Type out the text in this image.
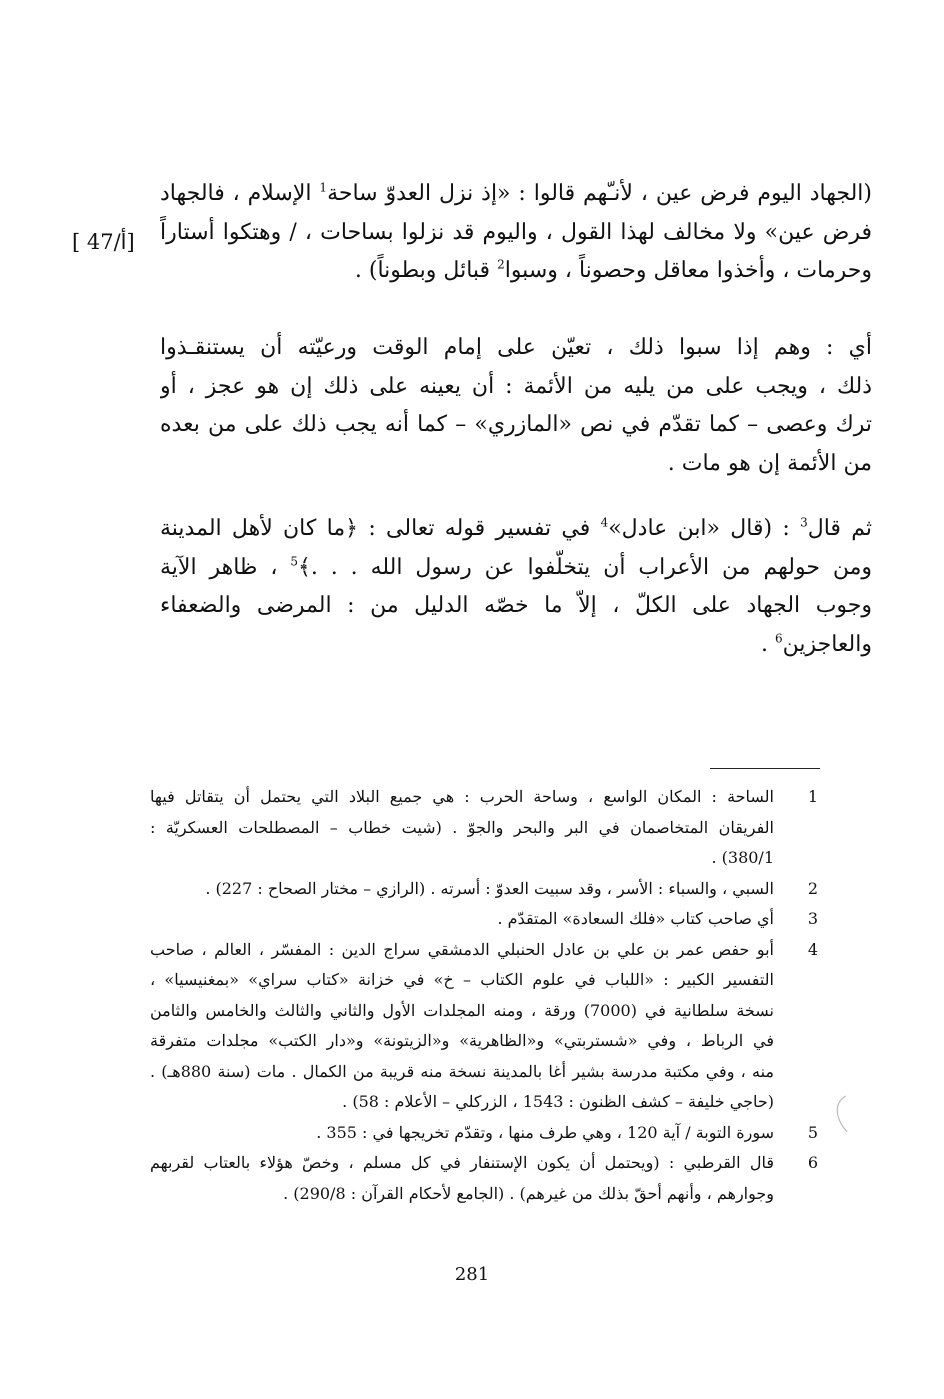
(الجهاد اليوم فرض عين ، لأنـّهم قالوا : «إذ نزل العدوّ ساحة$^1$ الإسلام ، فالجهاد
فرض عين» ولا مخالف لهذا القول ، واليوم قد نزلوا بساحات ، / وهتكوا أستاراً
وحرمات ، وأخذوا معاقل وحصوناً ، وسبوا$^2$ قبائل وبطوناً) .
[ 47/أ]
أي : وهم إذا سبوا ذلك ، تعيّن على إمام الوقت ورعيّته أن يستنقـذوا
ذلك ، ويجب على من يليه من الأئمة : أن يعينه على ذلك إن هو عجز ، أو
ترك وعصى – كما تقدّم في نص «المازري» – كما أنه يجب ذلك على من بعده
من الأئمة إن هو مات .
ثم قال$^3$ : (قال «ابن عادل»$^4$ في تفسير قوله تعالى : ﴿ما كان لأهل المدينة
ومن حولهم من الأعراب أن يتخلّفوا عن رسول الله . . .﴾$^5$ ، ظاهر الآية
وجوب الجهاد على الكلّ ، إلاّ ما خصّه الدليل من : المرضى والضعفاء
والعاجزين$^6$ .
1
الساحة : المكان الواسع ، وساحة الحرب : هي جميع البلاد التي يحتمل أن يتقاتل فيها
الفريقان المتخاصمان في البر والبحر والجوّ . (شيت خطاب – المصطلحات العسكريّة :
380/1) .
2
السبي ، والسباء : الأسر ، وقد سبيت العدوّ : أسرته . (الرازي – مختار الصحاح : 227) .
3
أي صاحب كتاب «فلك السعادة» المتقدّم .
4
أبو حفص عمر بن علي بن عادل الحنبلي الدمشقي سراج الدين : المفسّر ، العالم ، صاحب
التفسير الكبير : «اللباب في علوم الكتاب – خ» في خزانة «كتاب سراي» «بمغنيسيا» ،
نسخة سلطانية في (7000) ورقة ، ومنه المجلدات الأول والثاني والثالث والخامس والثامن
في الرباط ، وفي «شستربتي» و«الظاهرية» و«الزيتونة» و«دار الكتب» مجلدات متفرقة
منه ، وفي مكتبة مدرسة بشير أغا بالمدينة نسخة منه قريبة من الكمال . مات (سنة 880هـ) .
(حاجي خليفة – كشف الظنون : 1543 ، الزركلي – الأعلام : 58) .
5
سورة التوبة / آية 120 ، وهي طرف منها ، وتقدّم تخريجها في : 355 .
6
قال القرطبي : (ويحتمل أن يكون الإستنفار في كل مسلم ، وخصّ هؤلاء بالعتاب لقربهم
وجوارهم ، وأنهم أحقّ بذلك من غيرهم) . (الجامع لأحكام القرآن : 290/8) .
281
